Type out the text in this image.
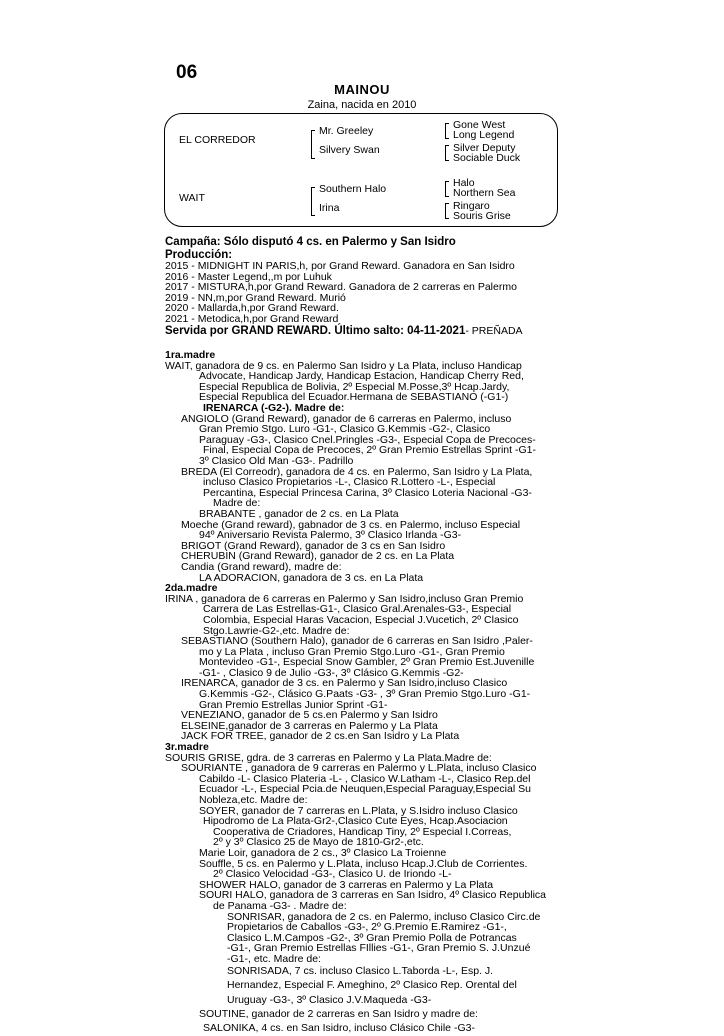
06
MAINOU
Zaina, nacida en 2010
EL CORREDOR
WAIT
Mr. Greeley
Silvery Swan
Southern Halo
Irina
Gone West
Long Legend
Silver Deputy
Sociable Duck
Halo
Northern Sea
Ringaro
Souris Grise

Campaña: Sólo disputó 4 cs. en Palermo y San Isidro

Producción:

2015 - MIDNIGHT IN PARIS,h, por Grand Reward. Ganadora en San Isidro

2016 - Master Legend,,m por Luhuk

2017 - MISTURA,h,por Grand Reward. Ganadora de 2 carreras en Palermo

2019 - NN,m,por Grand Reward. Murió

2020 - Mallarda,h,por Grand Reward.

2021 - Metodica,h,por Grand Reward

Servida por GRAND REWARD. Último salto: 04-11-2021- PREÑADA

1ra.madre

WAIT, ganadora de 9 cs. en Palermo San Isidro y La Plata, incluso Handicap

Advocate, Handicap Jardy, Handicap Estacion, Handicap Cherry Red,

Especial Republica de Bolivia, 2º Especial M.Posse,3º Hcap.Jardy,

Especial Republica del Ecuador.Hermana de SEBASTIANO (-G1-)

IRENARCA (-G2-). Madre de:

ANGIOLO (Grand Reward), ganador de 6 carreras en Palermo, incluso

Gran Premio Stgo. Luro -G1-, Clasico G.Kemmis -G2-, Clasico

Paraguay -G3-, Clasico Cnel.Pringles -G3-, Especial Copa de Precoces-

Final, Especial Copa de Precoces, 2º Gran Premio Estrellas Sprint -G1-

3º Clasico Old Man -G3-. Padrillo

BREDA (El Correodr), ganadora de 4 cs. en Palermo, San Isidro y La Plata,

incluso Clasico Propietarios -L-, Clasico R.Lottero -L-, Especial

Percantina, Especial Princesa Carina, 3º Clasico Loteria Nacional -G3-

Madre de:

BRABANTE , ganador de 2 cs. en La Plata

Moeche (Grand reward), gabnador de 3 cs. en Palermo, incluso Especial

94º Aniversario Revista Palermo, 3º Clasico Irlanda -G3-

BRIGOT (Grand Reward), ganador de 3 cs en San Isidro

CHERUBIN (Grand Reward), ganador de 2 cs. en La Plata

Candia (Grand reward), madre de:

LA ADORACION, ganadora de 3 cs. en La Plata

2da.madre

IRINA , ganadora de 6 carreras en Palermo y San Isidro,incluso Gran Premio

Carrera de Las Estrellas-G1-, Clasico Gral.Arenales-G3-, Especial

Colombia, Especial Haras Vacacion, Especial J.Vucetich, 2º Clasico

Stgo.Lawrie-G2-,etc. Madre de:

SEBASTIANO (Southern Halo), ganador de 6 carreras en San Isidro ,Paler-

mo y La Plata , incluso Gran Premio Stgo.Luro -G1-, Gran Premio

Montevideo -G1-, Especial Snow Gambler, 2º Gran Premio Est.Juvenille

-G1- , Clasico 9 de Julio -G3-, 3º Clásico G.Kemmis -G2-

IRENARCA, ganador de 3 cs. en Palermo y San Isidro,incluso Clasico

G.Kemmis -G2-, Clásico G.Paats -G3- , 3º Gran Premio Stgo.Luro -G1-

Gran Premio Estrellas Junior Sprint -G1-

VENEZIANO, ganador de 5 cs.en Palermo y San Isidro

ELSEINE,ganador de 3 carreras en Palermo y La Plata

JACK FOR TREE, ganador de 2 cs.en San Isidro y La Plata

3r.madre

SOURIS GRISE, gdra. de 3 carreras en Palermo y La Plata.Madre de:

SOURIANTE , ganadora de 9 carreras en Palermo y L.Plata, incluso Clasico

Cabildo -L- Clasico Plateria -L- , Clasico W.Latham -L-, Clasico Rep.del

Ecuador -L-, Especial Pcia.de Neuquen,Especial Paraguay,Especial Su

Nobleza,etc. Madre de:

SOYER, ganador de 7 carreras en L.Plata, y S.Isidro incluso Clasico

Hipodromo de La Plata-Gr2-,Clasico Cute Eyes, Hcap.Asociacion

Cooperativa de Criadores, Handicap Tiny, 2º Especial I.Correas,

2º y 3º Clasico 25 de Mayo de 1810-Gr2-,etc.

Marie Loir, ganadora de 2 cs., 3º Clasico La Troienne

Souffle, 5 cs. en Palermo y L.Plata, incluso Hcap.J.Club de Corrientes.

2º Clasico Velocidad -G3-, Clasico U. de Iriondo -L-

SHOWER HALO, ganador de 3 carreras en Palermo y La Plata

SOURI HALO, ganadora de 3 carreras en San Isidro, 4º Clasico Republica

de Panama -G3- . Madre de:

SONRISAR, ganadora de 2 cs. en Palermo, incluso Clasico Circ.de

Propietarios de Caballos -G3-, 2º G.Premio E.Ramirez -G1-,

Clasico L.M.Campos -G2-, 3º Gran Premio Polla de Potrancas

-G1-, Gran Premio Estrellas FIllies -G1-, Gran Premio S. J.Unzué

-G1-, etc. Madre de:

SONRISADA, 7 cs. incluso Clasico L.Taborda -L-, Esp. J.

Hernandez, Especial F. Ameghino, 2º Clasico Rep. Orental del

Uruguay -G3-, 3º Clasico J.V.Maqueda -G3-

SOUTINE, ganador de 2 carreras en San Isidro y madre de:

SALONIKA, 4 cs. en San Isidro, incluso Clásico Chile -G3-
